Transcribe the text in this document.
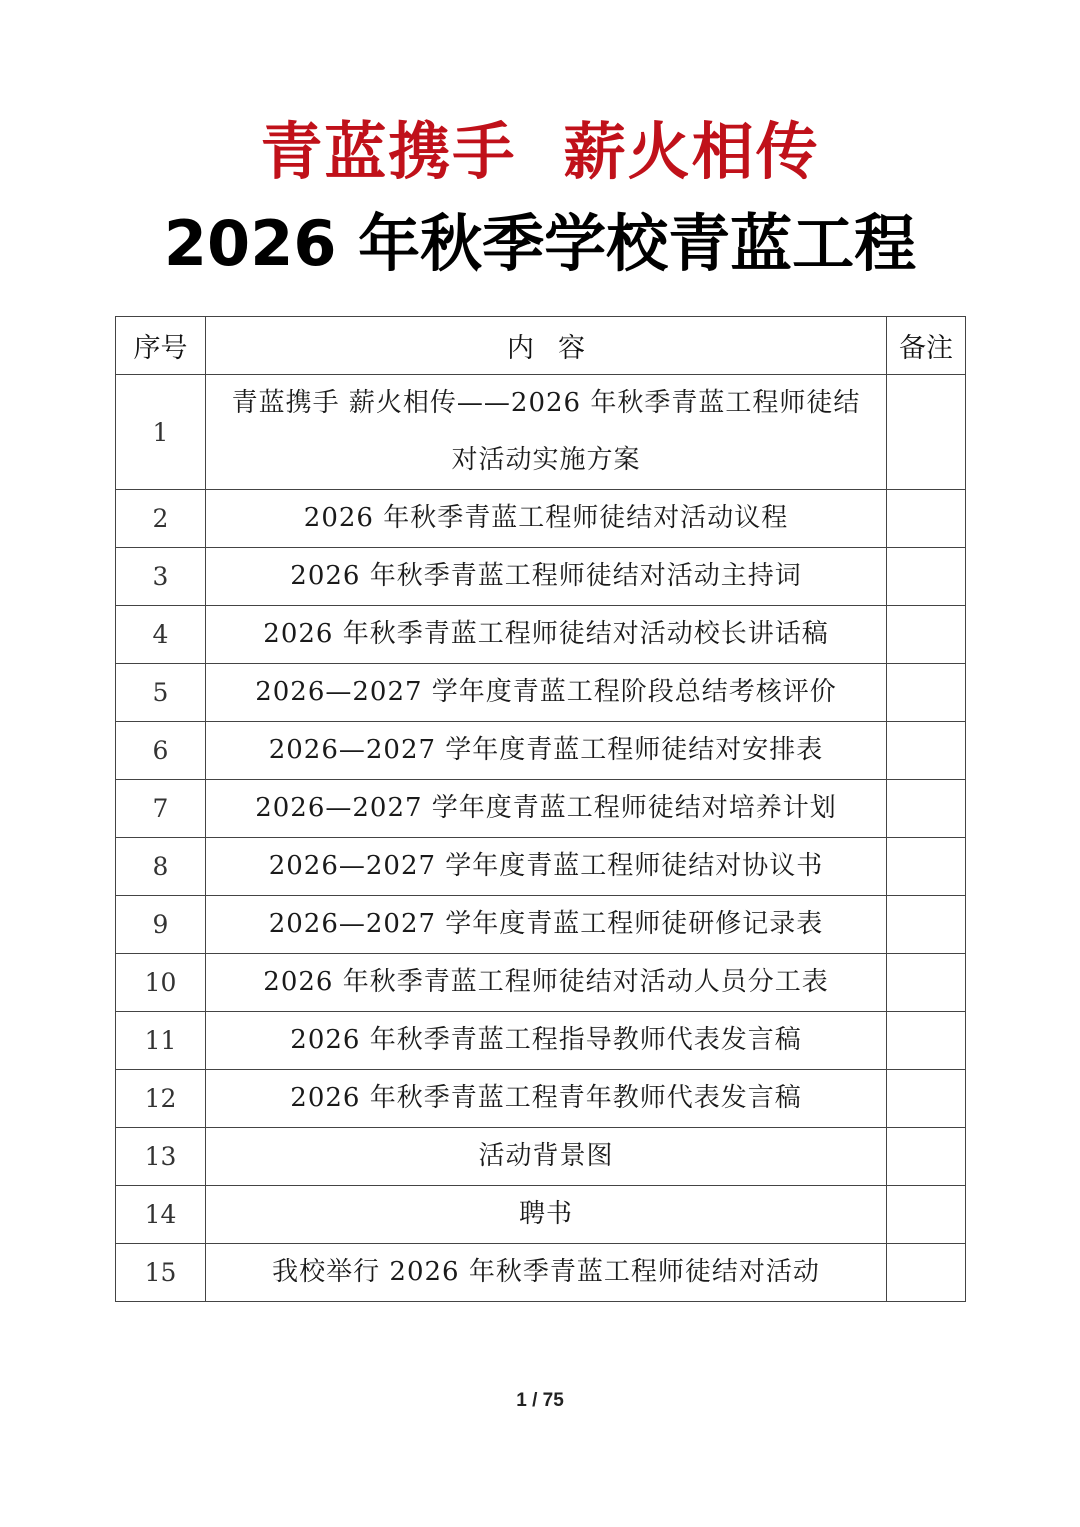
青蓝携手  薪火相传
2026 年秋季学校青蓝工程
序号	内容	备注
1	青蓝携手 薪火相传——2026 年秋季青蓝工程师徒结对活动实施方案	
2	2026 年秋季青蓝工程师徒结对活动议程	
3	2026 年秋季青蓝工程师徒结对活动主持词	
4	2026 年秋季青蓝工程师徒结对活动校长讲话稿	
5	2026—2027 学年度青蓝工程阶段总结考核评价	
6	2026—2027 学年度青蓝工程师徒结对安排表	
7	2026—2027 学年度青蓝工程师徒结对培养计划	
8	2026—2027 学年度青蓝工程师徒结对协议书	
9	2026—2027 学年度青蓝工程师徒研修记录表	
10	2026 年秋季青蓝工程师徒结对活动人员分工表	
11	2026 年秋季青蓝工程指导教师代表发言稿	
12	2026 年秋季青蓝工程青年教师代表发言稿	
13	活动背景图	
14	聘书	
15	我校举行 2026 年秋季青蓝工程师徒结对活动	
1 / 75
